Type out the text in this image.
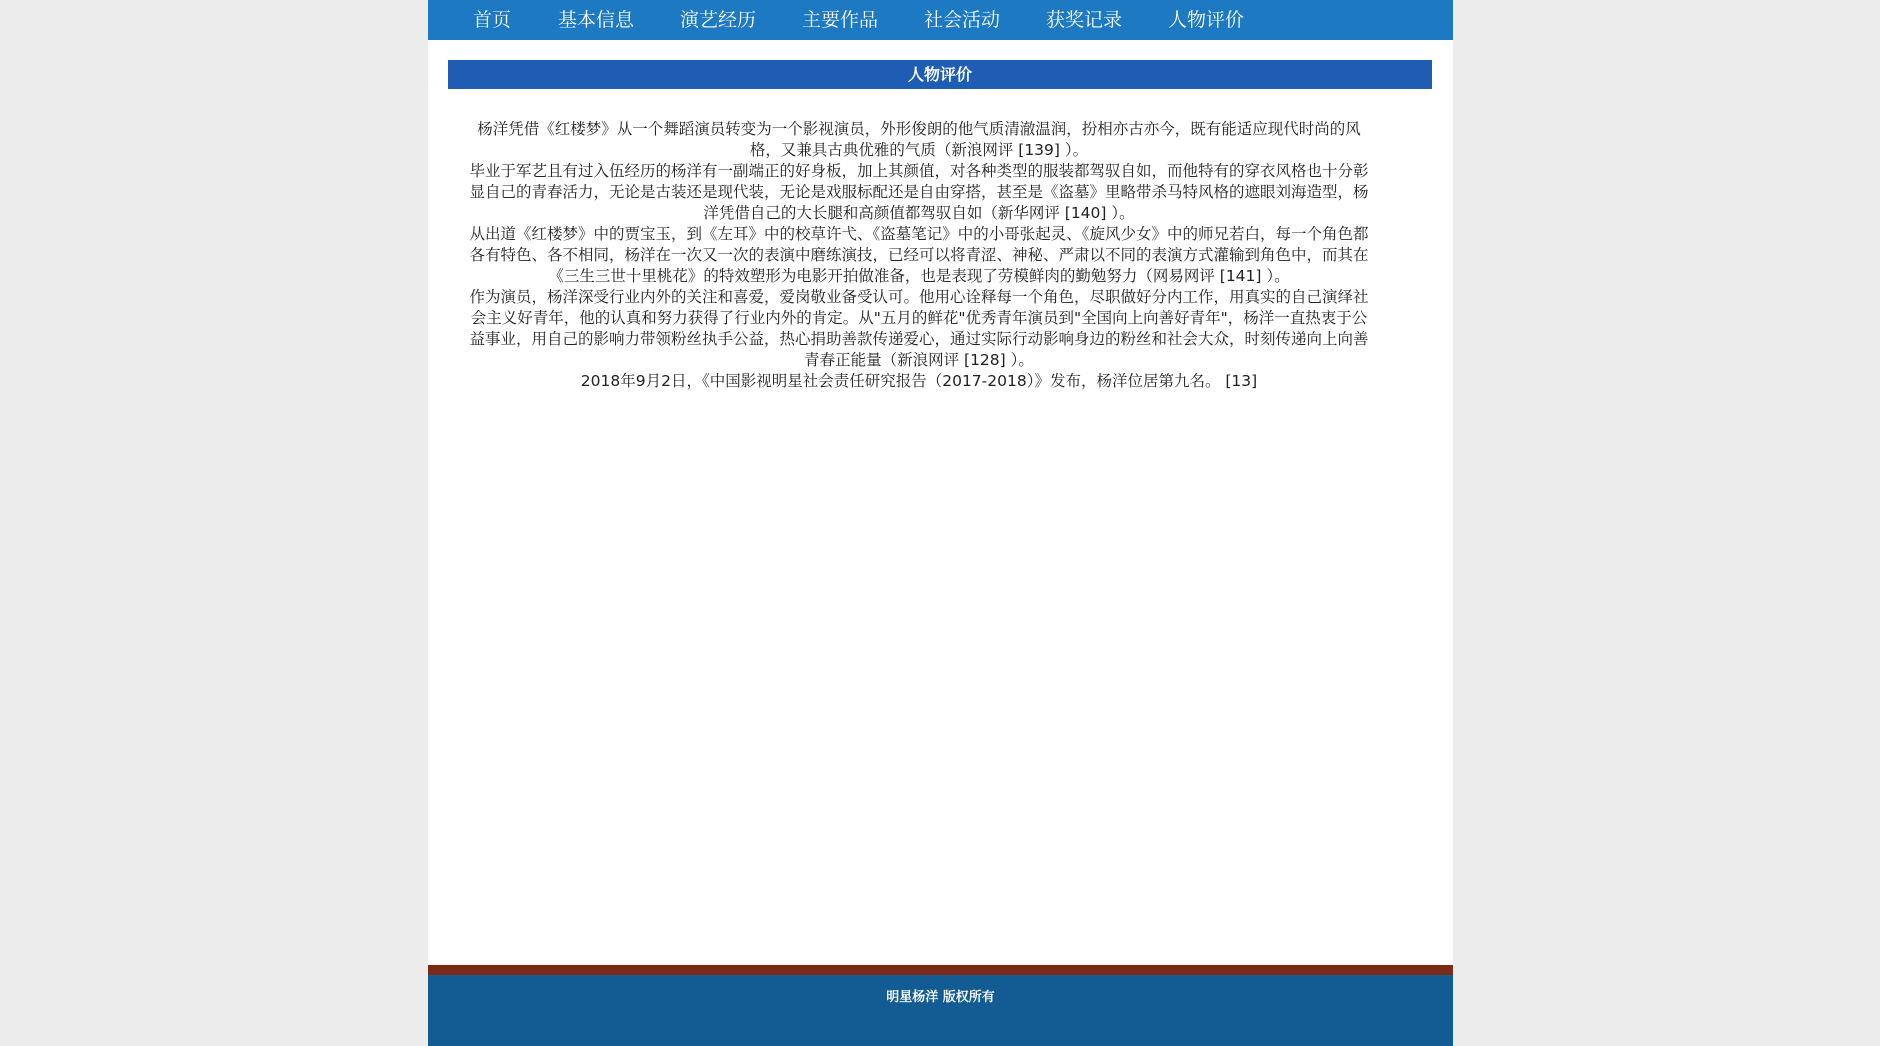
首页 基本信息 演艺经历 主要作品 社会活动 获奖记录 人物评价
人物评价

杨洋凭借《红楼梦》从一个舞蹈演员转变为一个影视演员，外形俊朗的他气质清澈温润，扮相亦古亦今，既有能适应现代时尚的风格，又兼具古典优雅的气质（新浪网评 [139] ）。

毕业于军艺且有过入伍经历的杨洋有一副端正的好身板，加上其颜值，对各种类型的服装都驾驭自如，而他特有的穿衣风格也十分彰显自己的青春活力，无论是古装还是现代装，无论是戏服标配还是自由穿搭，甚至是《盗墓》里略带杀马特风格的遮眼刘海造型，杨洋凭借自己的大长腿和高颜值都驾驭自如（新华网评 [140] ）。

从出道《红楼梦》中的贾宝玉，到《左耳》中的校草许弋、《盗墓笔记》中的小哥张起灵、《旋风少女》中的师兄若白，每一个角色都各有特色、各不相同，杨洋在一次又一次的表演中磨练演技，已经可以将青涩、神秘、严肃以不同的表演方式灌输到角色中，而其在《三生三世十里桃花》的特效塑形为电影开拍做准备，也是表现了劳模鲜肉的勤勉努力（网易网评 [141] ）。

作为演员，杨洋深受行业内外的关注和喜爱，爱岗敬业备受认可。他用心诠释每一个角色，尽职做好分内工作，用真实的自己演绎社会主义好青年，他的认真和努力获得了行业内外的肯定。从"五月的鲜花"优秀青年演员到"全国向上向善好青年"，杨洋一直热衷于公益事业，用自己的影响力带领粉丝执手公益，热心捐助善款传递爱心，通过实际行动影响身边的粉丝和社会大众，时刻传递向上向善青春正能量（新浪网评 [128] ）。

2018年9月2日，《中国影视明星社会责任研究报告（2017-2018）》发布，杨洋位居第九名。 [13]

明星杨洋 版权所有
